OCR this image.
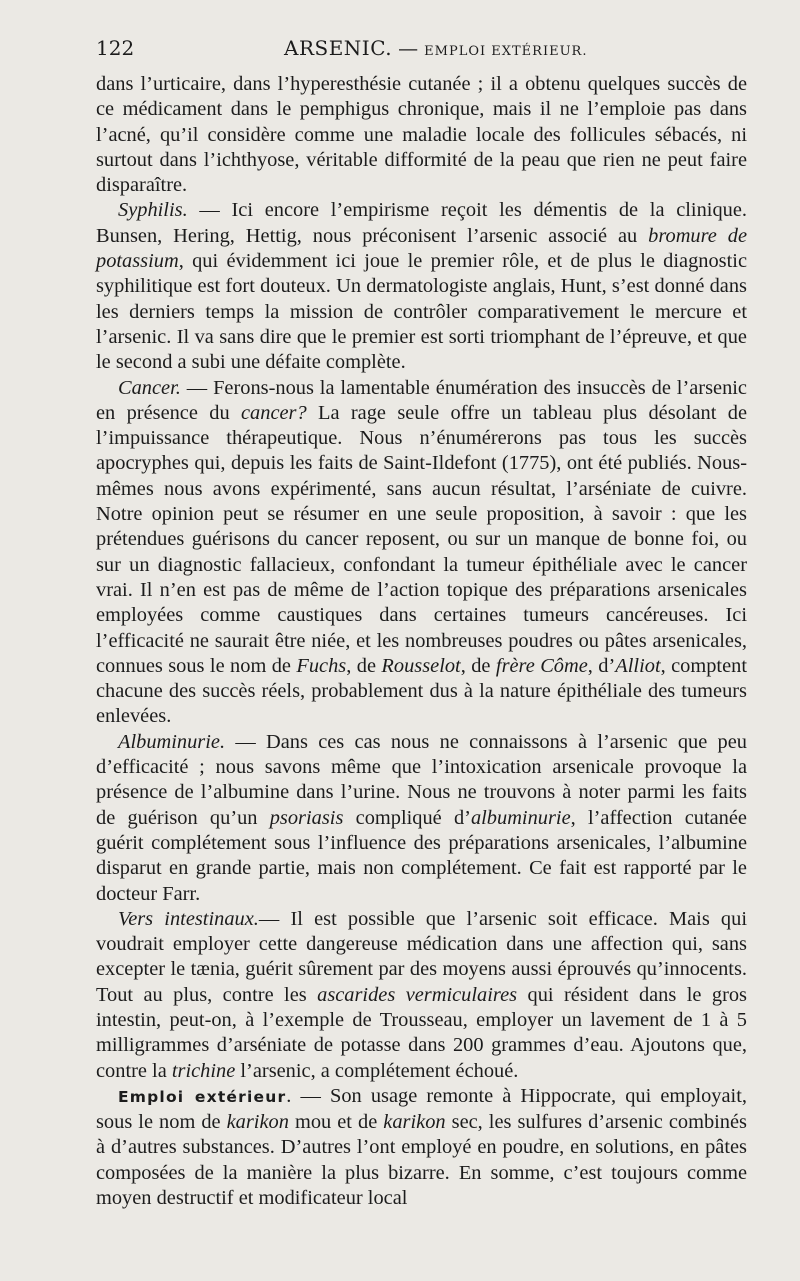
122	ARSENIC. — EMPLOI EXTÉRIEUR.

dans l’urticaire, dans l’hyperesthésie cutanée ; il a obtenu quelques succès de ce médicament dans le pemphigus chronique, mais il ne l’emploie pas dans l’acné, qu’il considère comme une maladie locale des follicules sébacés, ni surtout dans l’ichthyose, véritable difformité de la peau que rien ne peut faire disparaître.

Syphilis. — Ici encore l’empirisme reçoit les démentis de la clinique. Bunsen, Hering, Hettig, nous préconisent l’arsenic associé au bromure de potassium, qui évidemment ici joue le premier rôle, et de plus le diagnostic syphilitique est fort douteux. Un dermatologiste anglais, Hunt, s’est donné dans les derniers temps la mission de contrôler comparativement le mercure et l’arsenic. Il va sans dire que le premier est sorti triomphant de l’épreuve, et que le second a subi une défaite complète.

Cancer. — Ferons-nous la lamentable énumération des insuccès de l’arsenic en présence du cancer? La rage seule offre un tableau plus désolant de l’impuissance thérapeutique. Nous n’énumérerons pas tous les succès apocryphes qui, depuis les faits de Saint-Ildefont (1775), ont été publiés. Nous-mêmes nous avons expérimenté, sans aucun résultat, l’arséniate de cuivre. Notre opinion peut se résumer en une seule proposition, à savoir : que les prétendues guérisons du cancer reposent, ou sur un manque de bonne foi, ou sur un diagnostic fallacieux, confondant la tumeur épithéliale avec le cancer vrai. Il n’en est pas de même de l’action topique des préparations arsenicales employées comme caustiques dans certaines tumeurs cancéreuses. Ici l’efficacité ne saurait être niée, et les nombreuses poudres ou pâtes arsenicales, connues sous le nom de Fuchs, de Rousselot, de frère Côme, d’Alliot, comptent chacune des succès réels, probablement dus à la nature épithéliale des tumeurs enlevées.

Albuminurie. — Dans ces cas nous ne connaissons à l’arsenic que peu d’efficacité ; nous savons même que l’intoxication arsenicale provoque la présence de l’albumine dans l’urine. Nous ne trouvons à noter parmi les faits de guérison qu’un psoriasis compliqué d’albuminurie, l’affection cutanée guérit complétement sous l’influence des préparations arsenicales, l’albumine disparut en grande partie, mais non complétement. Ce fait est rapporté par le docteur Farr.

Vers intestinaux.— Il est possible que l’arsenic soit efficace. Mais qui voudrait employer cette dangereuse médication dans une affection qui, sans excepter le tænia, guérit sûrement par des moyens aussi éprouvés qu’innocents. Tout au plus, contre les ascarides vermiculaires qui résident dans le gros intestin, peut-on, à l’exemple de Trousseau, employer un lavement de 1 à 5 milligrammes d’arséniate de potasse dans 200 grammes d’eau. Ajoutons que, contre la trichine l’arsenic, a complétement échoué.

Emploi extérieur. — Son usage remonte à Hippocrate, qui employait, sous le nom de karikon mou et de karikon sec, les sulfures d’arsenic combinés à d’autres substances. D’autres l’ont employé en poudre, en solutions, en pâtes composées de la manière la plus bizarre. En somme, c’est toujours comme moyen destructif et modificateur local
